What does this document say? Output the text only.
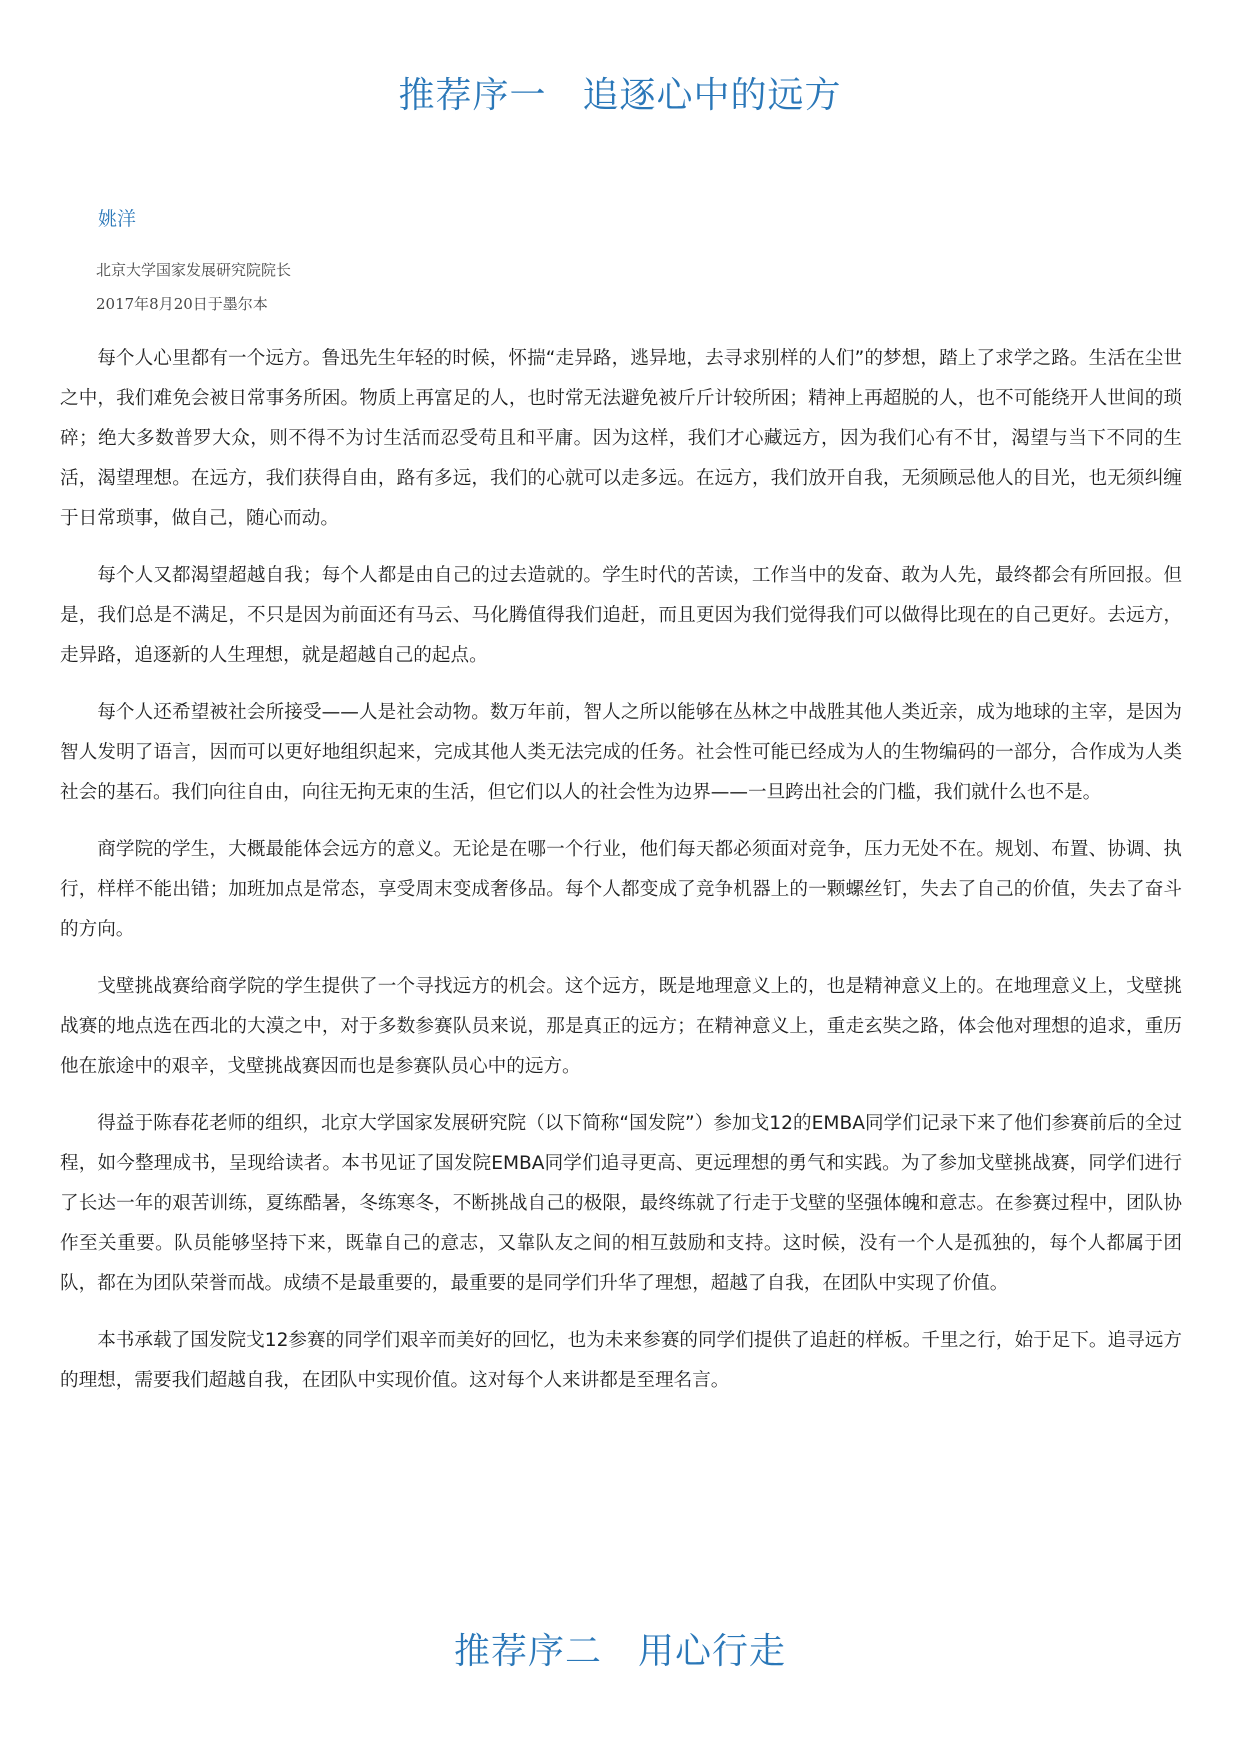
推荐序一 追逐心中的远方

姚洋

北京大学国家发展研究院院长

2017年8月20日于墨尔本

每个人心里都有一个远方。鲁迅先生年轻的时候，怀揣“走异路，逃异地，去寻求别样的人们”的梦想，踏上了求学之路。生活在尘世之中，我们难免会被日常事务所困。物质上再富足的人，也时常无法避免被斤斤计较所困；精神上再超脱的人，也不可能绕开人世间的琐碎；绝大多数普罗大众，则不得不为讨生活而忍受苟且和平庸。因为这样，我们才心藏远方，因为我们心有不甘，渴望与当下不同的生活，渴望理想。在远方，我们获得自由，路有多远，我们的心就可以走多远。在远方，我们放开自我，无须顾忌他人的目光，也无须纠缠于日常琐事，做自己，随心而动。

每个人又都渴望超越自我；每个人都是由自己的过去造就的。学生时代的苦读，工作当中的发奋、敢为人先，最终都会有所回报。但是，我们总是不满足，不只是因为前面还有马云、马化腾值得我们追赶，而且更因为我们觉得我们可以做得比现在的自己更好。去远方，走异路，追逐新的人生理想，就是超越自己的起点。

每个人还希望被社会所接受——人是社会动物。数万年前，智人之所以能够在丛林之中战胜其他人类近亲，成为地球的主宰，是因为智人发明了语言，因而可以更好地组织起来，完成其他人类无法完成的任务。社会性可能已经成为人的生物编码的一部分，合作成为人类社会的基石。我们向往自由，向往无拘无束的生活，但它们以人的社会性为边界——一旦跨出社会的门槛，我们就什么也不是。

商学院的学生，大概最能体会远方的意义。无论是在哪一个行业，他们每天都必须面对竞争，压力无处不在。规划、布置、协调、执行，样样不能出错；加班加点是常态，享受周末变成奢侈品。每个人都变成了竞争机器上的一颗螺丝钉，失去了自己的价值，失去了奋斗的方向。

戈壁挑战赛给商学院的学生提供了一个寻找远方的机会。这个远方，既是地理意义上的，也是精神意义上的。在地理意义上，戈壁挑战赛的地点选在西北的大漠之中，对于多数参赛队员来说，那是真正的远方；在精神意义上，重走玄奘之路，体会他对理想的追求，重历他在旅途中的艰辛，戈壁挑战赛因而也是参赛队员心中的远方。

得益于陈春花老师的组织，北京大学国家发展研究院（以下简称“国发院”）参加戈12的EMBA同学们记录下来了他们参赛前后的全过程，如今整理成书，呈现给读者。本书见证了国发院EMBA同学们追寻更高、更远理想的勇气和实践。为了参加戈壁挑战赛，同学们进行了长达一年的艰苦训练，夏练酷暑，冬练寒冬，不断挑战自己的极限，最终练就了行走于戈壁的坚强体魄和意志。在参赛过程中，团队协作至关重要。队员能够坚持下来，既靠自己的意志，又靠队友之间的相互鼓励和支持。这时候，没有一个人是孤独的，每个人都属于团队，都在为团队荣誉而战。成绩不是最重要的，最重要的是同学们升华了理想，超越了自我，在团队中实现了价值。

本书承载了国发院戈12参赛的同学们艰辛而美好的回忆，也为未来参赛的同学们提供了追赶的样板。千里之行，始于足下。追寻远方的理想，需要我们超越自我，在团队中实现价值。这对每个人来讲都是至理名言。

推荐序二 用心行走
